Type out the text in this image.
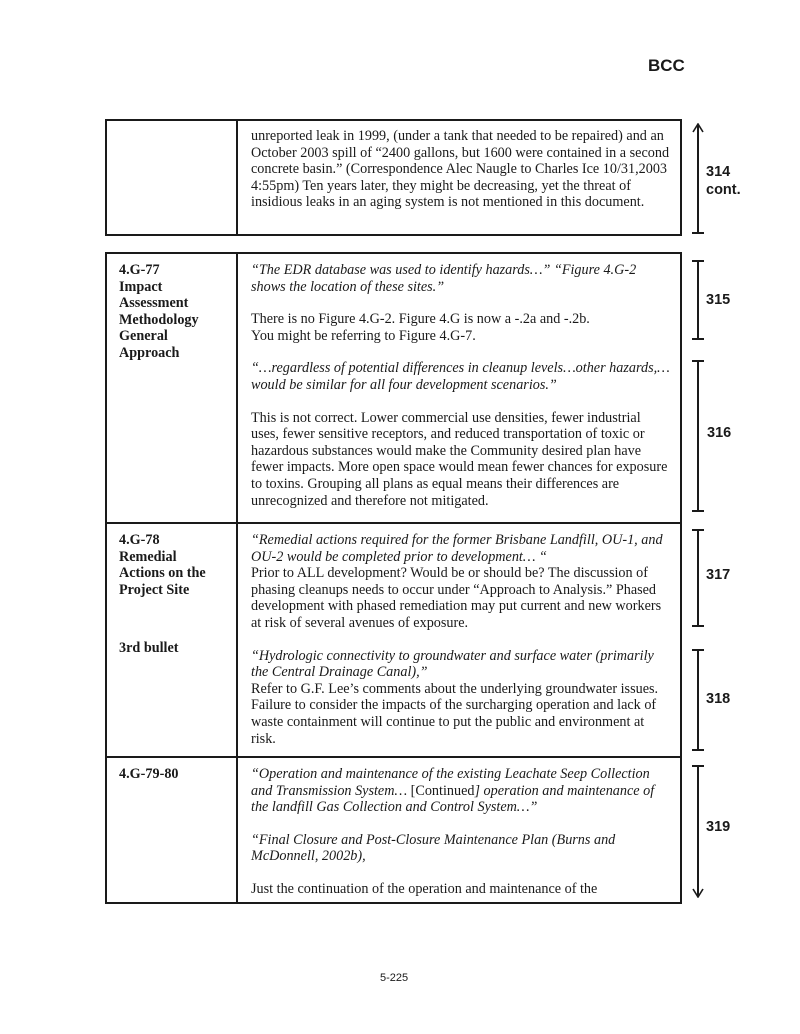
BCC
unreported leak in 1999, (under a tank that needed to be repaired) and an October 2003 spill of “2400 gallons, but 1600 were contained in a second concrete basin.” (Correspondence Alec Naugle to Charles Ice 10/31,2003 4:55pm) Ten years later, they might be decreasing, yet the threat of insidious leaks in an aging system is not mentioned in this document.
4.G-77
Impact
Assessment
Methodology
General
Approach
“The EDR database was used to identify hazards…” “Figure 4.G-2 shows the location of these sites.”
There is no Figure 4.G-2. Figure 4.G is now a -.2a and -.2b.
You might be referring to Figure 4.G-7.
“…regardless of potential differences in cleanup levels…other hazards,… would be similar for all four development scenarios.”
This is not correct. Lower commercial use densities, fewer industrial uses, fewer sensitive receptors, and reduced transportation of toxic or hazardous substances would make the Community desired plan have fewer impacts. More open space would mean fewer chances for exposure to toxins. Grouping all plans as equal means their differences are unrecognized and therefore not mitigated.
4.G-78
Remedial
Actions on the
Project Site
3rd bullet
“Remedial actions required for the former Brisbane Landfill, OU-1, and OU-2 would be completed prior to development… “
Prior to ALL development? Would be or should be? The discussion of phasing cleanups needs to occur under “Approach to Analysis.” Phased development with phased remediation may put current and new workers at risk of several avenues of exposure.
“Hydrologic connectivity to groundwater and surface water (primarily the Central Drainage Canal),”
Refer to G.F. Lee’s comments about the underlying groundwater issues. Failure to consider the impacts of the surcharging operation and lack of waste containment will continue to put the public and environment at risk.
4.G-79-80	“Operation and maintenance of the existing Leachate Seep Collection and Transmission System… [Continued] operation and maintenance of the landfill Gas Collection and Control System…”
“Final Closure and Post-Closure Maintenance Plan (Burns and McDonnell, 2002b),
Just the continuation of the operation and maintenance of the
314
cont.
315
316
317
318
319
5-225
